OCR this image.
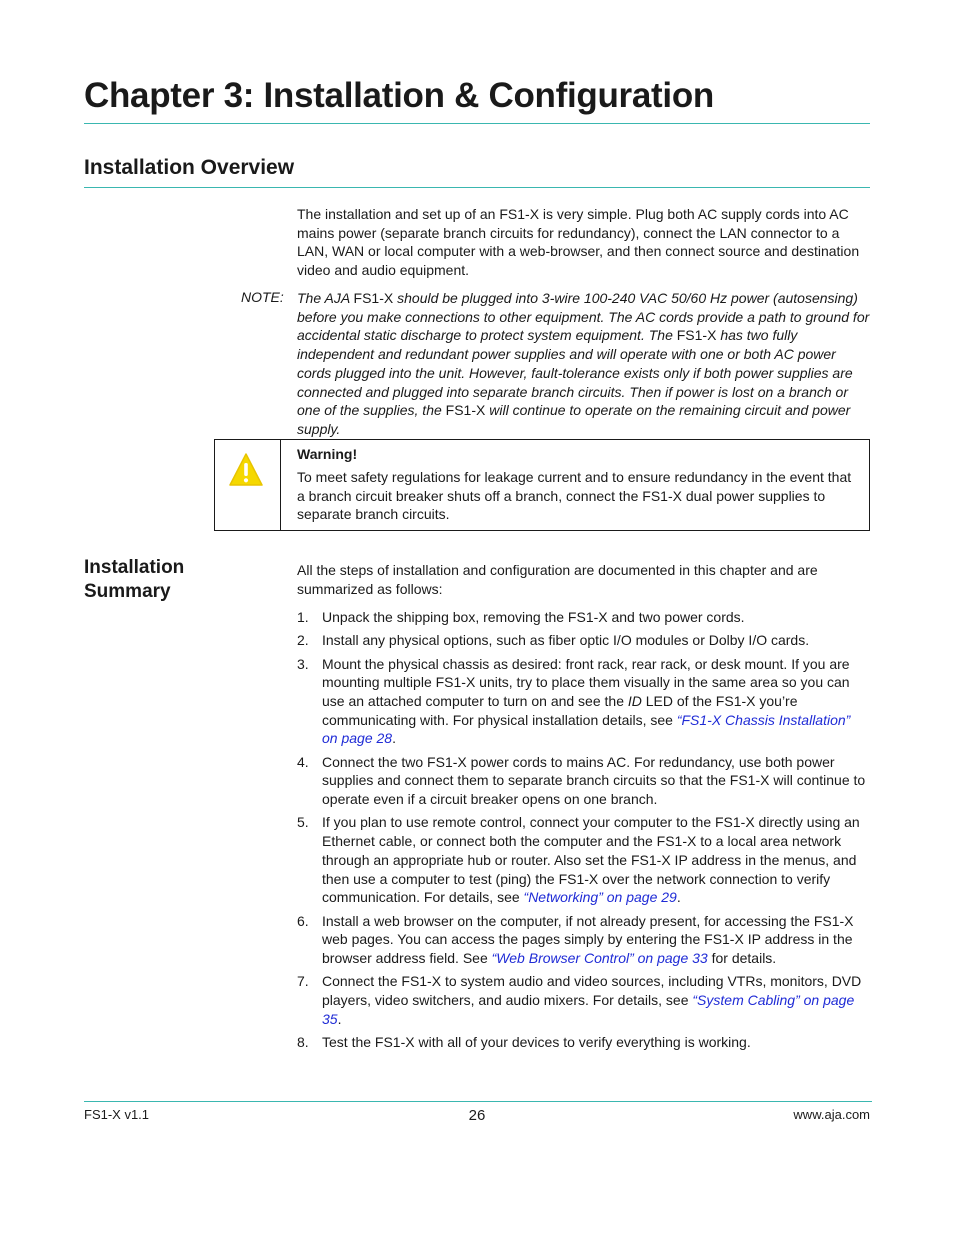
Chapter 3: Installation & Configuration
Installation Overview

The installation and set up of an FS1-X is very simple. Plug both AC supply cords into AC mains power (separate branch circuits for redundancy), connect the LAN connector to a LAN, WAN or local computer with a web-browser, and then connect source and destination video and audio equipment.

NOTE: The AJA FS1-X should be plugged into 3-wire 100-240 VAC 50/60 Hz power (autosensing) before you make connections to other equipment. The AC cords provide a path to ground for accidental static discharge to protect system equipment. The FS1-X has two fully independent and redundant power supplies and will operate with one or both AC power cords plugged into the unit. However, fault-tolerance exists only if both power supplies are connected and plugged into separate branch circuits. Then if power is lost on a branch or one of the supplies, the FS1-X will continue to operate on the remaining circuit and power supply.

Warning!

To meet safety regulations for leakage current and to ensure redundancy in the event that a branch circuit breaker shuts off a branch, connect the FS1-X dual power supplies to separate branch circuits.

Installation Summary

All the steps of installation and configuration are documented in this chapter and are summarized as follows:

1. Unpack the shipping box, removing the FS1-X and two power cords.
2. Install any physical options, such as fiber optic I/O modules or Dolby I/O cards.
3. Mount the physical chassis as desired: front rack, rear rack, or desk mount. If you are mounting multiple FS1-X units, try to place them visually in the same area so you can use an attached computer to turn on and see the ID LED of the FS1-X you’re communicating with. For physical installation details, see “FS1-X Chassis Installation” on page 28.
4. Connect the two FS1-X power cords to mains AC. For redundancy, use both power supplies and connect them to separate branch circuits so that the FS1-X will continue to operate even if a circuit breaker opens on one branch.
5. If you plan to use remote control, connect your computer to the FS1-X directly using an Ethernet cable, or connect both the computer and the FS1-X to a local area network through an appropriate hub or router. Also set the FS1-X IP address in the menus, and then use a computer to test (ping) the FS1-X over the network connection to verify communication. For details, see “Networking” on page 29.
6. Install a web browser on the computer, if not already present, for accessing the FS1-X web pages. You can access the pages simply by entering the FS1-X IP address in the browser address field. See “Web Browser Control” on page 33 for details.
7. Connect the FS1-X to system audio and video sources, including VTRs, monitors, DVD players, video switchers, and audio mixers. For details, see “System Cabling” on page 35.
8. Test the FS1-X with all of your devices to verify everything is working.
FS1-X v1.1	26	www.aja.com
